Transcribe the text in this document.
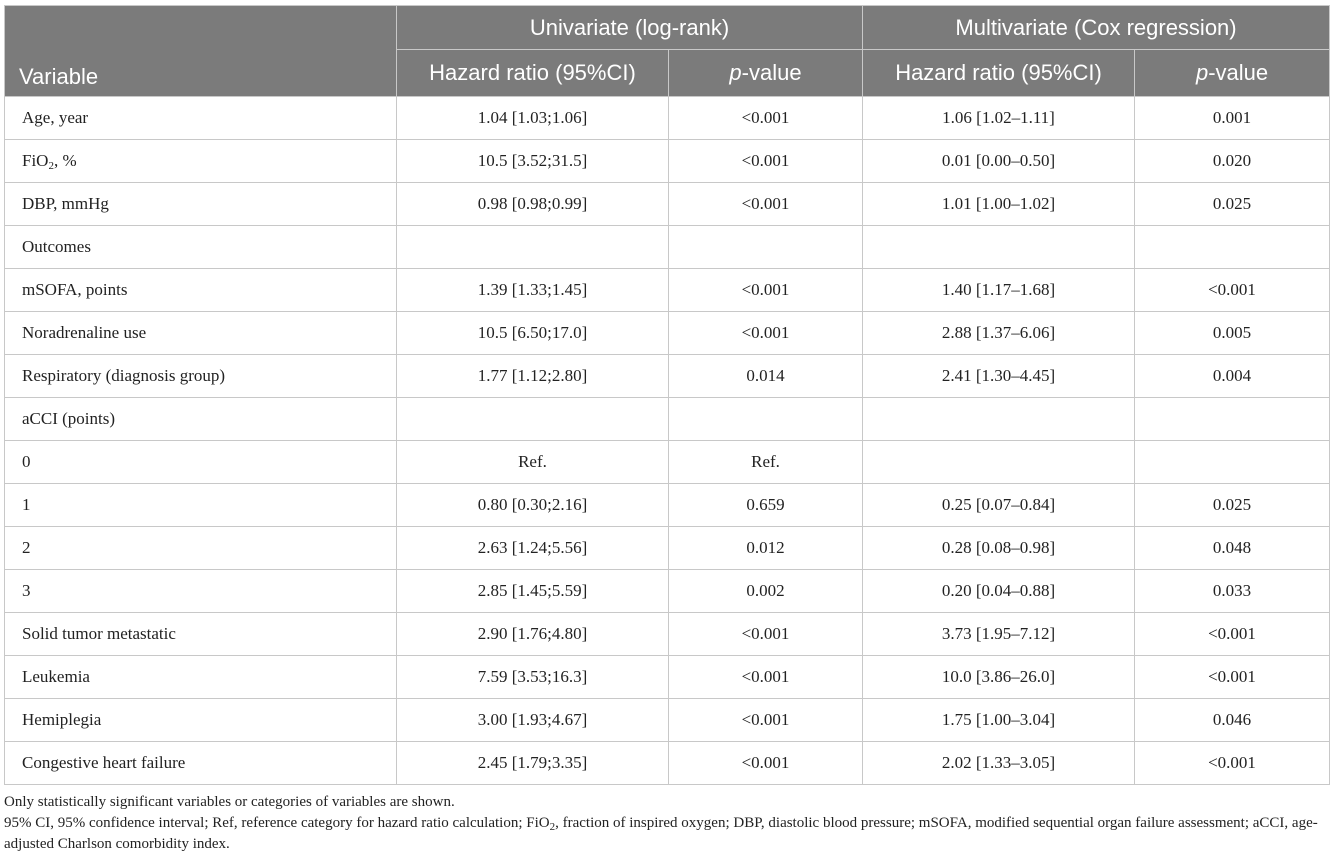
Variable	Univariate (log-rank)		Multivariate (Cox regression)	
	Hazard ratio (95%CI)	p-value	Hazard ratio (95%CI)	p-value
Age, year	1.04 [1.03;1.06]	<0.001	1.06 [1.02–1.11]	0.001
FiO$_2$, %	10.5 [3.52;31.5]	<0.001	0.01 [0.00–0.50]	0.020
DBP, mmHg	0.98 [0.98;0.99]	<0.001	1.01 [1.00–1.02]	0.025
Outcomes				
mSOFA, points	1.39 [1.33;1.45]	<0.001	1.40 [1.17–1.68]	<0.001
Noradrenaline use	10.5 [6.50;17.0]	<0.001	2.88 [1.37–6.06]	0.005
Respiratory (diagnosis group)	1.77 [1.12;2.80]	0.014	2.41 [1.30–4.45]	0.004
aCCI (points)				
0	Ref.	Ref.		
1	0.80 [0.30;2.16]	0.659	0.25 [0.07–0.84]	0.025
2	2.63 [1.24;5.56]	0.012	0.28 [0.08–0.98]	0.048
3	2.85 [1.45;5.59]	0.002	0.20 [0.04–0.88]	0.033
Solid tumor metastatic	2.90 [1.76;4.80]	<0.001	3.73 [1.95–7.12]	<0.001
Leukemia	7.59 [3.53;16.3]	<0.001	10.0 [3.86–26.0]	<0.001
Hemiplegia	3.00 [1.93;4.67]	<0.001	1.75 [1.00–3.04]	0.046
Congestive heart failure	2.45 [1.79;3.35]	<0.001	2.02 [1.33–3.05]	<0.001

Only statistically significant variables or categories of variables are shown.

95% CI, 95% confidence interval; Ref, reference category for hazard ratio calculation; FiO$_2$, fraction of inspired oxygen; DBP, diastolic blood pressure; mSOFA, modified sequential organ failure assessment; aCCI, age-adjusted Charlson comorbidity index.
